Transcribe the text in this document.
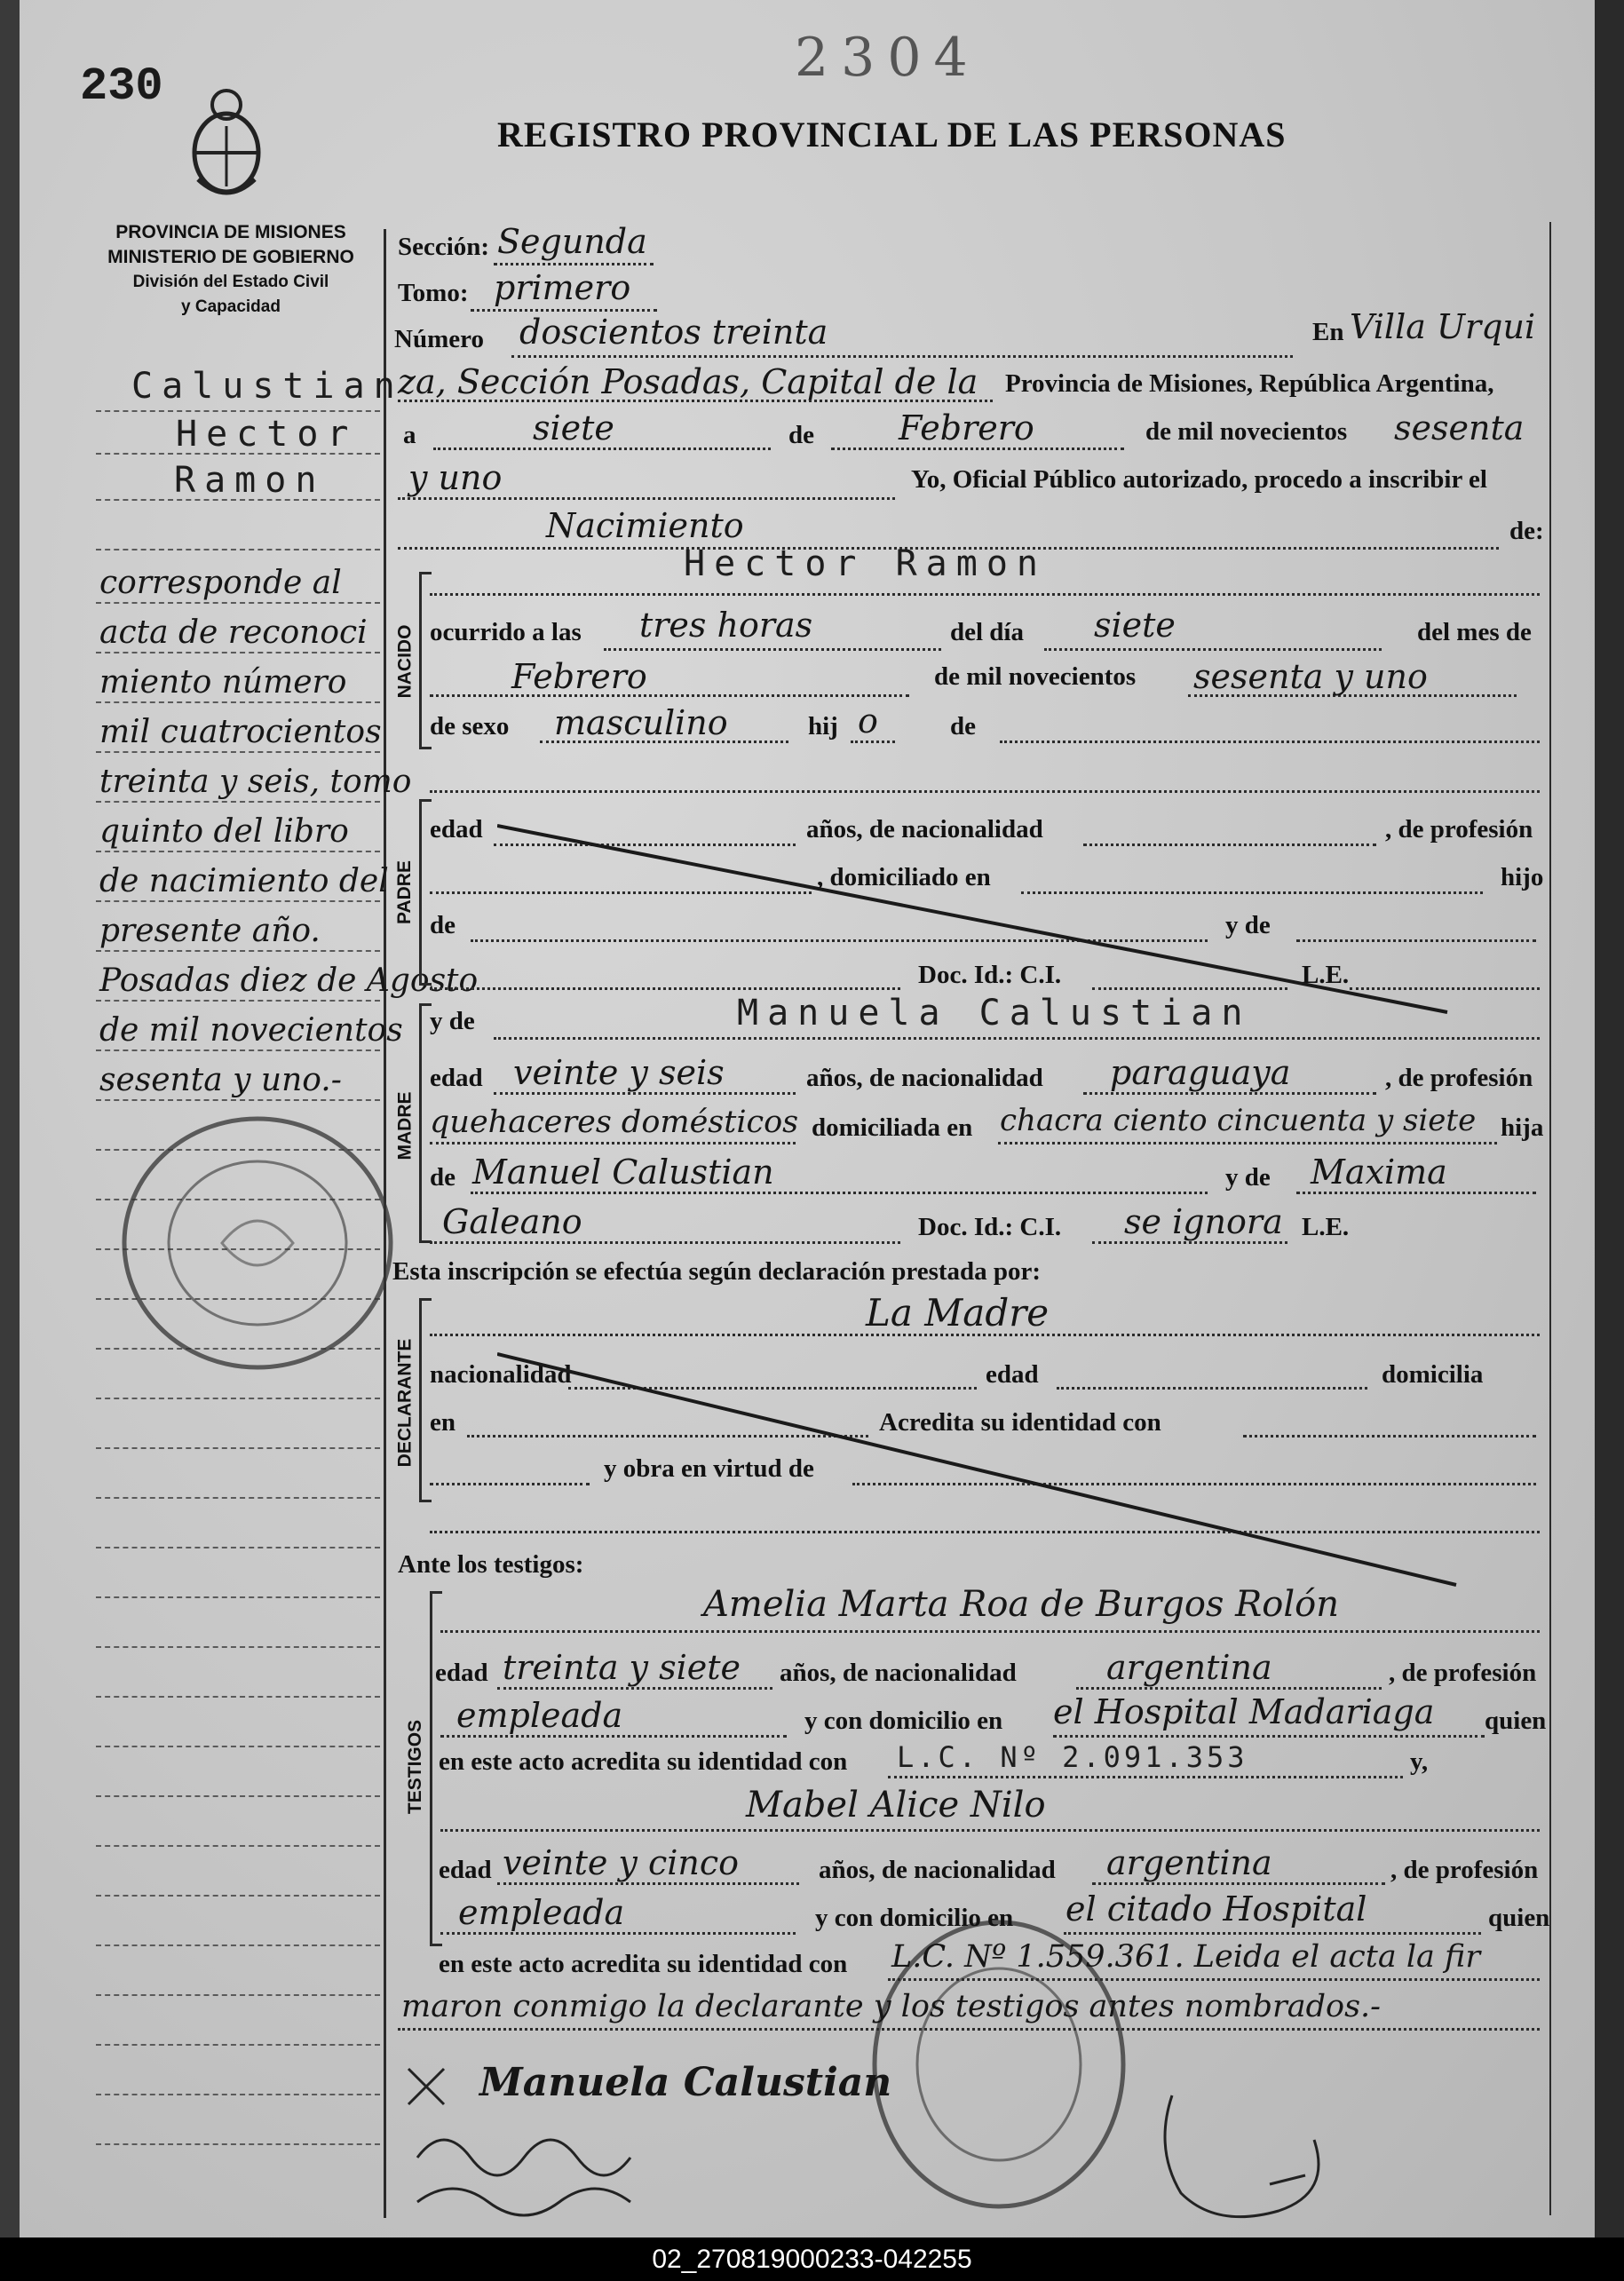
230	2304
REGISTRO PROVINCIAL DE LAS PERSONAS
PROVINCIA DE MISIONES
MINISTERIO DE GOBIERNO
División del Estado Civil
y Capacidad
Calustian
Hector
Ramon
corresponde al
acta de reconoci
miento número
mil cuatrocientos
treinta y seis, tomo
quinto del libro
de nacimiento del
presente año.
Posadas diez de Agosto
de mil novecientos
sesenta y uno.-
Sección: Segunda
Tomo: primero
Número doscientos treinta	En Villa Urqui
za, Sección Posadas, Capital de la Provincia de Misiones, República Argentina,
a	siete	de	Febrero	de mil novecientos sesenta
y uno	Yo, Oficial Público autorizado, procedo a inscribir el
Nacimiento	de:
NACIDO
Hector Ramon
ocurrido a las tres horas	del día siete	del mes de
Febrero	de mil novecientos sesenta y uno
de sexo masculino	hij o	de
PADRE
edad	años, de nacionalidad	, de profesión
, domiciliado en	hijo
de	y de
Doc. Id.: C.I.	L.E.
MADRE
y de	Manuela Calustian
edad veinte y seis	años, de nacionalidad paraguaya	, de profesión
quehaceres domésticos domiciliada en chacra ciento cincuenta y siete hija
de Manuel Calustian	y de Maxima
Galeano	Doc. Id.: C.I. se ignora L.E.
Esta inscripción se efectúa según declaración prestada por:
DECLARANTE
La Madre
nacionalidad	edad	domicilia
en	Acredita su identidad con
y obra en virtud de
Ante los testigos:
TESTIGOS
Amelia Marta Roa de Burgos Rolón
edad treinta y siete años, de nacionalidad	argentina	, de profesión
empleada	y con domicilio en el Hospital Madariaga quien
en este acto acredita su identidad con L.C. Nº 2.091.353	y,
Mabel Alice Nilo
edad veinte y cinco	años, de nacionalidad argentina	, de profesión
empleada	y con domicilio en el citado Hospital	quien
en este acto acredita su identidad con L.C. Nº 1.559.361. Leida el acta la fir
maron conmigo la declarante y los testigos antes nombrados.-
Manuela Calustian
02_270819000233-042255
